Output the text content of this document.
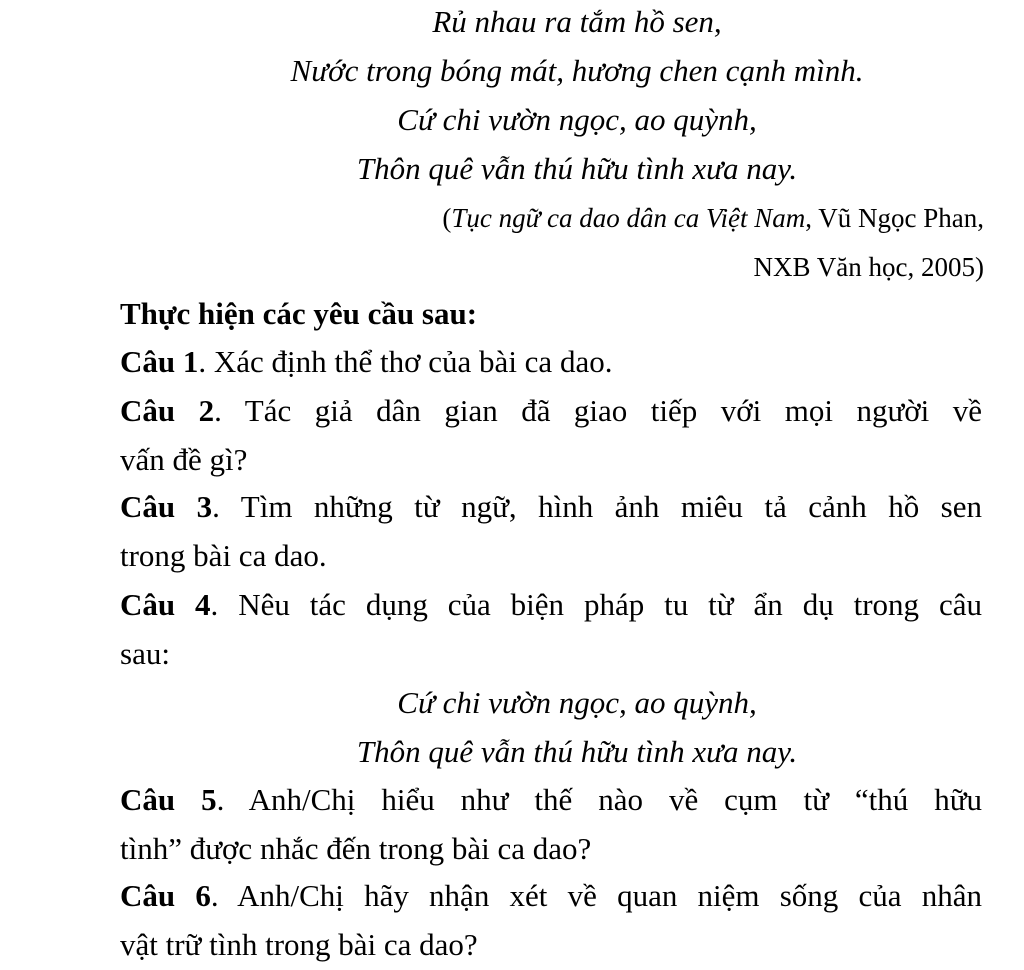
Rủ nhau ra tắm hồ sen,
Nước trong bóng mát, hương chen cạnh mình.
Cứ chi vườn ngọc, ao quỳnh,
Thôn quê vẫn thú hữu tình xưa nay.
(Tục ngữ ca dao dân ca Việt Nam, Vũ Ngọc Phan,
NXB Văn học, 2005)
Thực hiện các yêu cầu sau:
Câu 1. Xác định thể thơ của bài ca dao.
Câu 2. Tác giả dân gian đã giao tiếp với mọi người về
vấn đề gì?
Câu 3. Tìm những từ ngữ, hình ảnh miêu tả cảnh hồ sen
trong bài ca dao.
Câu 4. Nêu tác dụng của biện pháp tu từ ẩn dụ trong câu
sau:
Cứ chi vườn ngọc, ao quỳnh,
Thôn quê vẫn thú hữu tình xưa nay.
Câu 5. Anh/Chị hiểu như thế nào về cụm từ “thú hữu
tình” được nhắc đến trong bài ca dao?
Câu 6. Anh/Chị hãy nhận xét về quan niệm sống của nhân
vật trữ tình trong bài ca dao?
